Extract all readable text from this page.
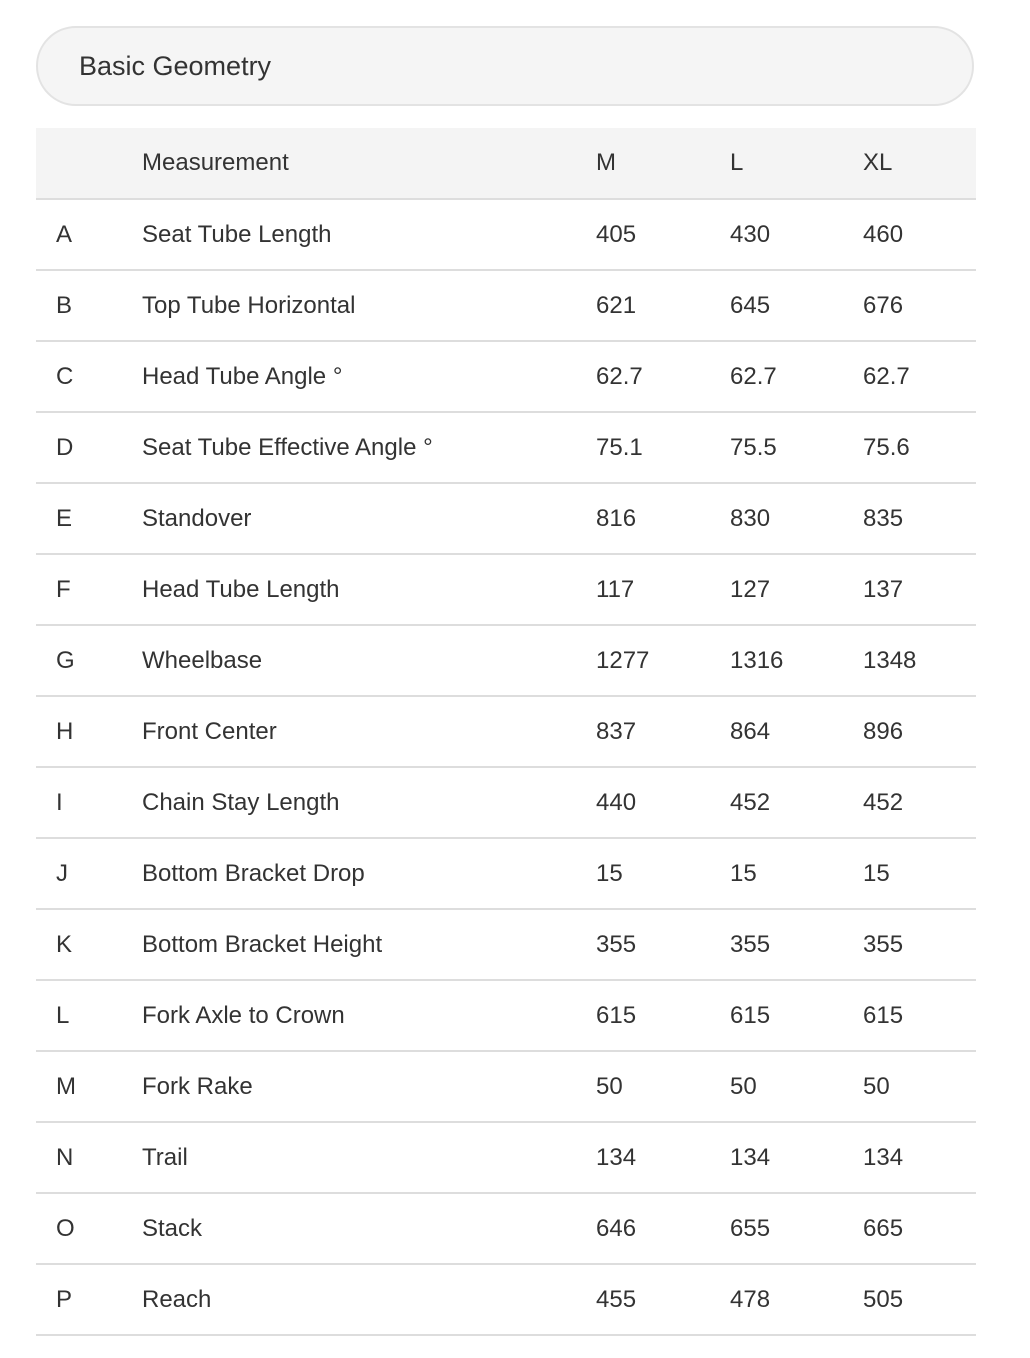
Basic Geometry
	Measurement	M	L	XL
A	Seat Tube Length	405	430	460
B	Top Tube Horizontal	621	645	676
C	Head Tube Angle °	62.7	62.7	62.7
D	Seat Tube Effective Angle °	75.1	75.5	75.6
E	Standover	816	830	835
F	Head Tube Length	117	127	137
G	Wheelbase	1277	1316	1348
H	Front Center	837	864	896
I	Chain Stay Length	440	452	452
J	Bottom Bracket Drop	15	15	15
K	Bottom Bracket Height	355	355	355
L	Fork Axle to Crown	615	615	615
M	Fork Rake	50	50	50
N	Trail	134	134	134
O	Stack	646	655	665
P	Reach	455	478	505
